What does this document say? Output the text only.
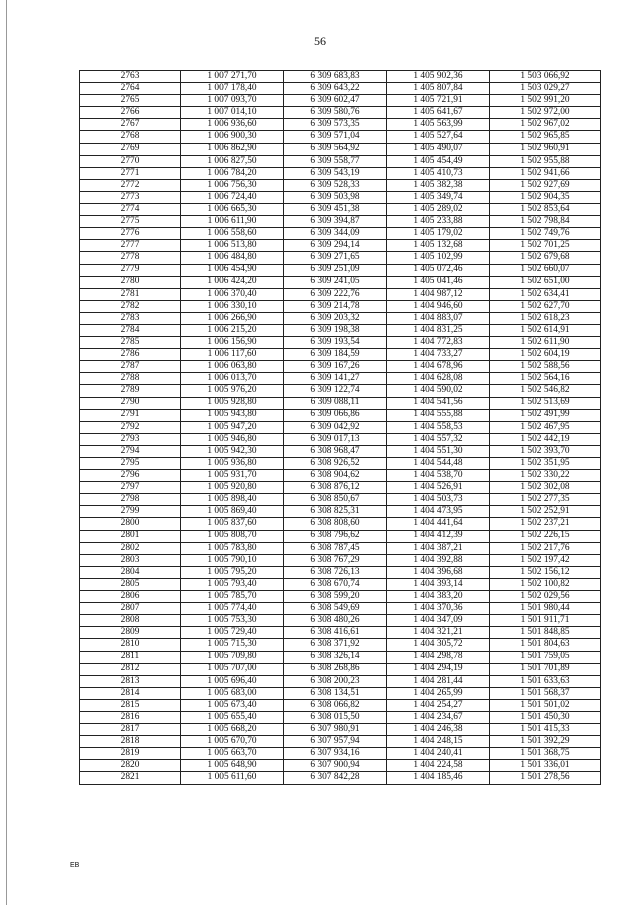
56
2763	1 007 271,70	6 309 683,83	1 405 902,36	1 503 066,92
2764	1 007 178,40	6 309 643,22	1 405 807,84	1 503 029,27
2765	1 007 093,70	6 309 602,47	1 405 721,91	1 502 991,20
2766	1 007 014,10	6 309 580,76	1 405 641,67	1 502 972,00
2767	1 006 936,60	6 309 573,35	1 405 563,99	1 502 967,02
2768	1 006 900,30	6 309 571,04	1 405 527,64	1 502 965,85
2769	1 006 862,90	6 309 564,92	1 405 490,07	1 502 960,91
2770	1 006 827,50	6 309 558,77	1 405 454,49	1 502 955,88
2771	1 006 784,20	6 309 543,19	1 405 410,73	1 502 941,66
2772	1 006 756,30	6 309 528,33	1 405 382,38	1 502 927,69
2773	1 006 724,40	6 309 503,98	1 405 349,74	1 502 904,35
2774	1 006 665,30	6 309 451,38	1 405 289,02	1 502 853,64
2775	1 006 611,90	6 309 394,87	1 405 233,88	1 502 798,84
2776	1 006 558,60	6 309 344,09	1 405 179,02	1 502 749,76
2777	1 006 513,80	6 309 294,14	1 405 132,68	1 502 701,25
2778	1 006 484,80	6 309 271,65	1 405 102,99	1 502 679,68
2779	1 006 454,90	6 309 251,09	1 405 072,46	1 502 660,07
2780	1 006 424,20	6 309 241,05	1 405 041,46	1 502 651,00
2781	1 006 370,40	6 309 222,76	1 404 987,12	1 502 634,41
2782	1 006 330,10	6 309 214,78	1 404 946,60	1 502 627,70
2783	1 006 266,90	6 309 203,32	1 404 883,07	1 502 618,23
2784	1 006 215,20	6 309 198,38	1 404 831,25	1 502 614,91
2785	1 006 156,90	6 309 193,54	1 404 772,83	1 502 611,90
2786	1 006 117,60	6 309 184,59	1 404 733,27	1 502 604,19
2787	1 006 063,80	6 309 167,26	1 404 678,96	1 502 588,56
2788	1 006 013,70	6 309 141,27	1 404 628,08	1 502 564,16
2789	1 005 976,20	6 309 122,74	1 404 590,02	1 502 546,82
2790	1 005 928,80	6 309 088,11	1 404 541,56	1 502 513,69
2791	1 005 943,80	6 309 066,86	1 404 555,88	1 502 491,99
2792	1 005 947,20	6 309 042,92	1 404 558,53	1 502 467,95
2793	1 005 946,80	6 309 017,13	1 404 557,32	1 502 442,19
2794	1 005 942,30	6 308 968,47	1 404 551,30	1 502 393,70
2795	1 005 936,80	6 308 926,52	1 404 544,48	1 502 351,95
2796	1 005 931,70	6 308 904,62	1 404 538,70	1 502 330,22
2797	1 005 920,80	6 308 876,12	1 404 526,91	1 502 302,08
2798	1 005 898,40	6 308 850,67	1 404 503,73	1 502 277,35
2799	1 005 869,40	6 308 825,31	1 404 473,95	1 502 252,91
2800	1 005 837,60	6 308 808,60	1 404 441,64	1 502 237,21
2801	1 005 808,70	6 308 796,62	1 404 412,39	1 502 226,15
2802	1 005 783,80	6 308 787,45	1 404 387,21	1 502 217,76
2803	1 005 790,10	6 308 767,29	1 404 392,88	1 502 197,42
2804	1 005 795,20	6 308 726,13	1 404 396,68	1 502 156,12
2805	1 005 793,40	6 308 670,74	1 404 393,14	1 502 100,82
2806	1 005 785,70	6 308 599,20	1 404 383,20	1 502 029,56
2807	1 005 774,40	6 308 549,69	1 404 370,36	1 501 980,44
2808	1 005 753,30	6 308 480,26	1 404 347,09	1 501 911,71
2809	1 005 729,40	6 308 416,61	1 404 321,21	1 501 848,85
2810	1 005 715,30	6 308 371,92	1 404 305,72	1 501 804,63
2811	1 005 709,80	6 308 326,14	1 404 298,78	1 501 759,05
2812	1 005 707,00	6 308 268,86	1 404 294,19	1 501 701,89
2813	1 005 696,40	6 308 200,23	1 404 281,44	1 501 633,63
2814	1 005 683,00	6 308 134,51	1 404 265,99	1 501 568,37
2815	1 005 673,40	6 308 066,82	1 404 254,27	1 501 501,02
2816	1 005 655,40	6 308 015,50	1 404 234,67	1 501 450,30
2817	1 005 668,20	6 307 980,91	1 404 246,38	1 501 415,33
2818	1 005 670,70	6 307 957,94	1 404 248,15	1 501 392,29
2819	1 005 663,70	6 307 934,16	1 404 240,41	1 501 368,75
2820	1 005 648,90	6 307 900,94	1 404 224,58	1 501 336,01
2821	1 005 611,60	6 307 842,28	1 404 185,46	1 501 278,56
ЕВ
